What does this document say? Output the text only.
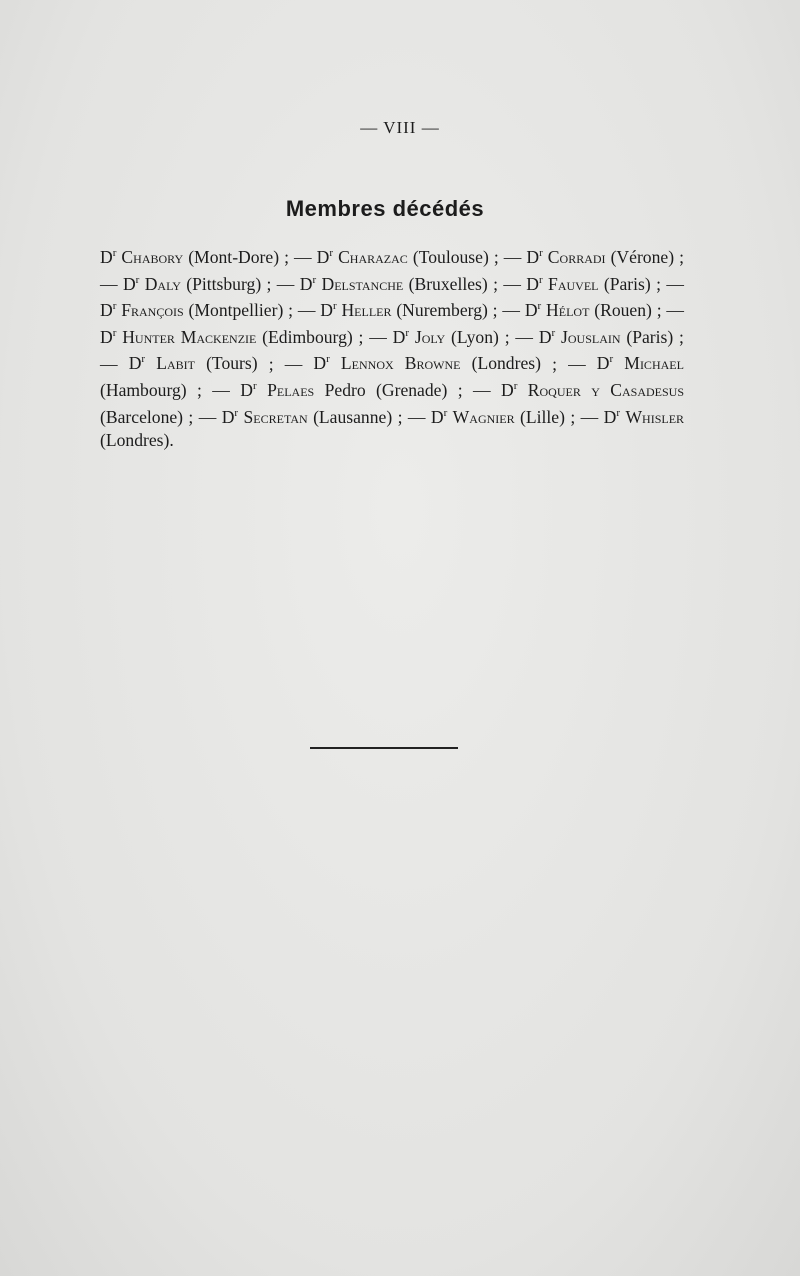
— VIII —
Membres décédés
$D^r$ Chabory (Mont-Dore) ; — $D^r$ Charazac (Toulouse) ; — $D^r$ Corradi (Vérone) ; — $D^r$ Daly (Pittsburg) ; — $D^r$ Delstanche (Bruxelles) ; — $D^r$ Fauvel (Paris) ; — $D^r$ François (Montpellier) ; — $D^r$ Heller (Nuremberg) ; — $D^r$ Hélot (Rouen) ; — $D^r$ Hunter Mackenzie (Edimbourg) ; — $D^r$ Joly (Lyon) ; — $D^r$ Jouslain (Paris) ; — $D^r$ Labit (Tours) ; — $D^r$ Lennox Browne (Londres) ; — $D^r$ Michael (Hambourg) ; — $D^r$ Pelaes Pedro (Grenade) ; — $D^r$ Roquer y Casadesus (Barcelone) ; — $D^r$ Secretan (Lausanne) ; — $D^r$ Wagnier (Lille) ; — $D^r$ Whisler (Londres).
